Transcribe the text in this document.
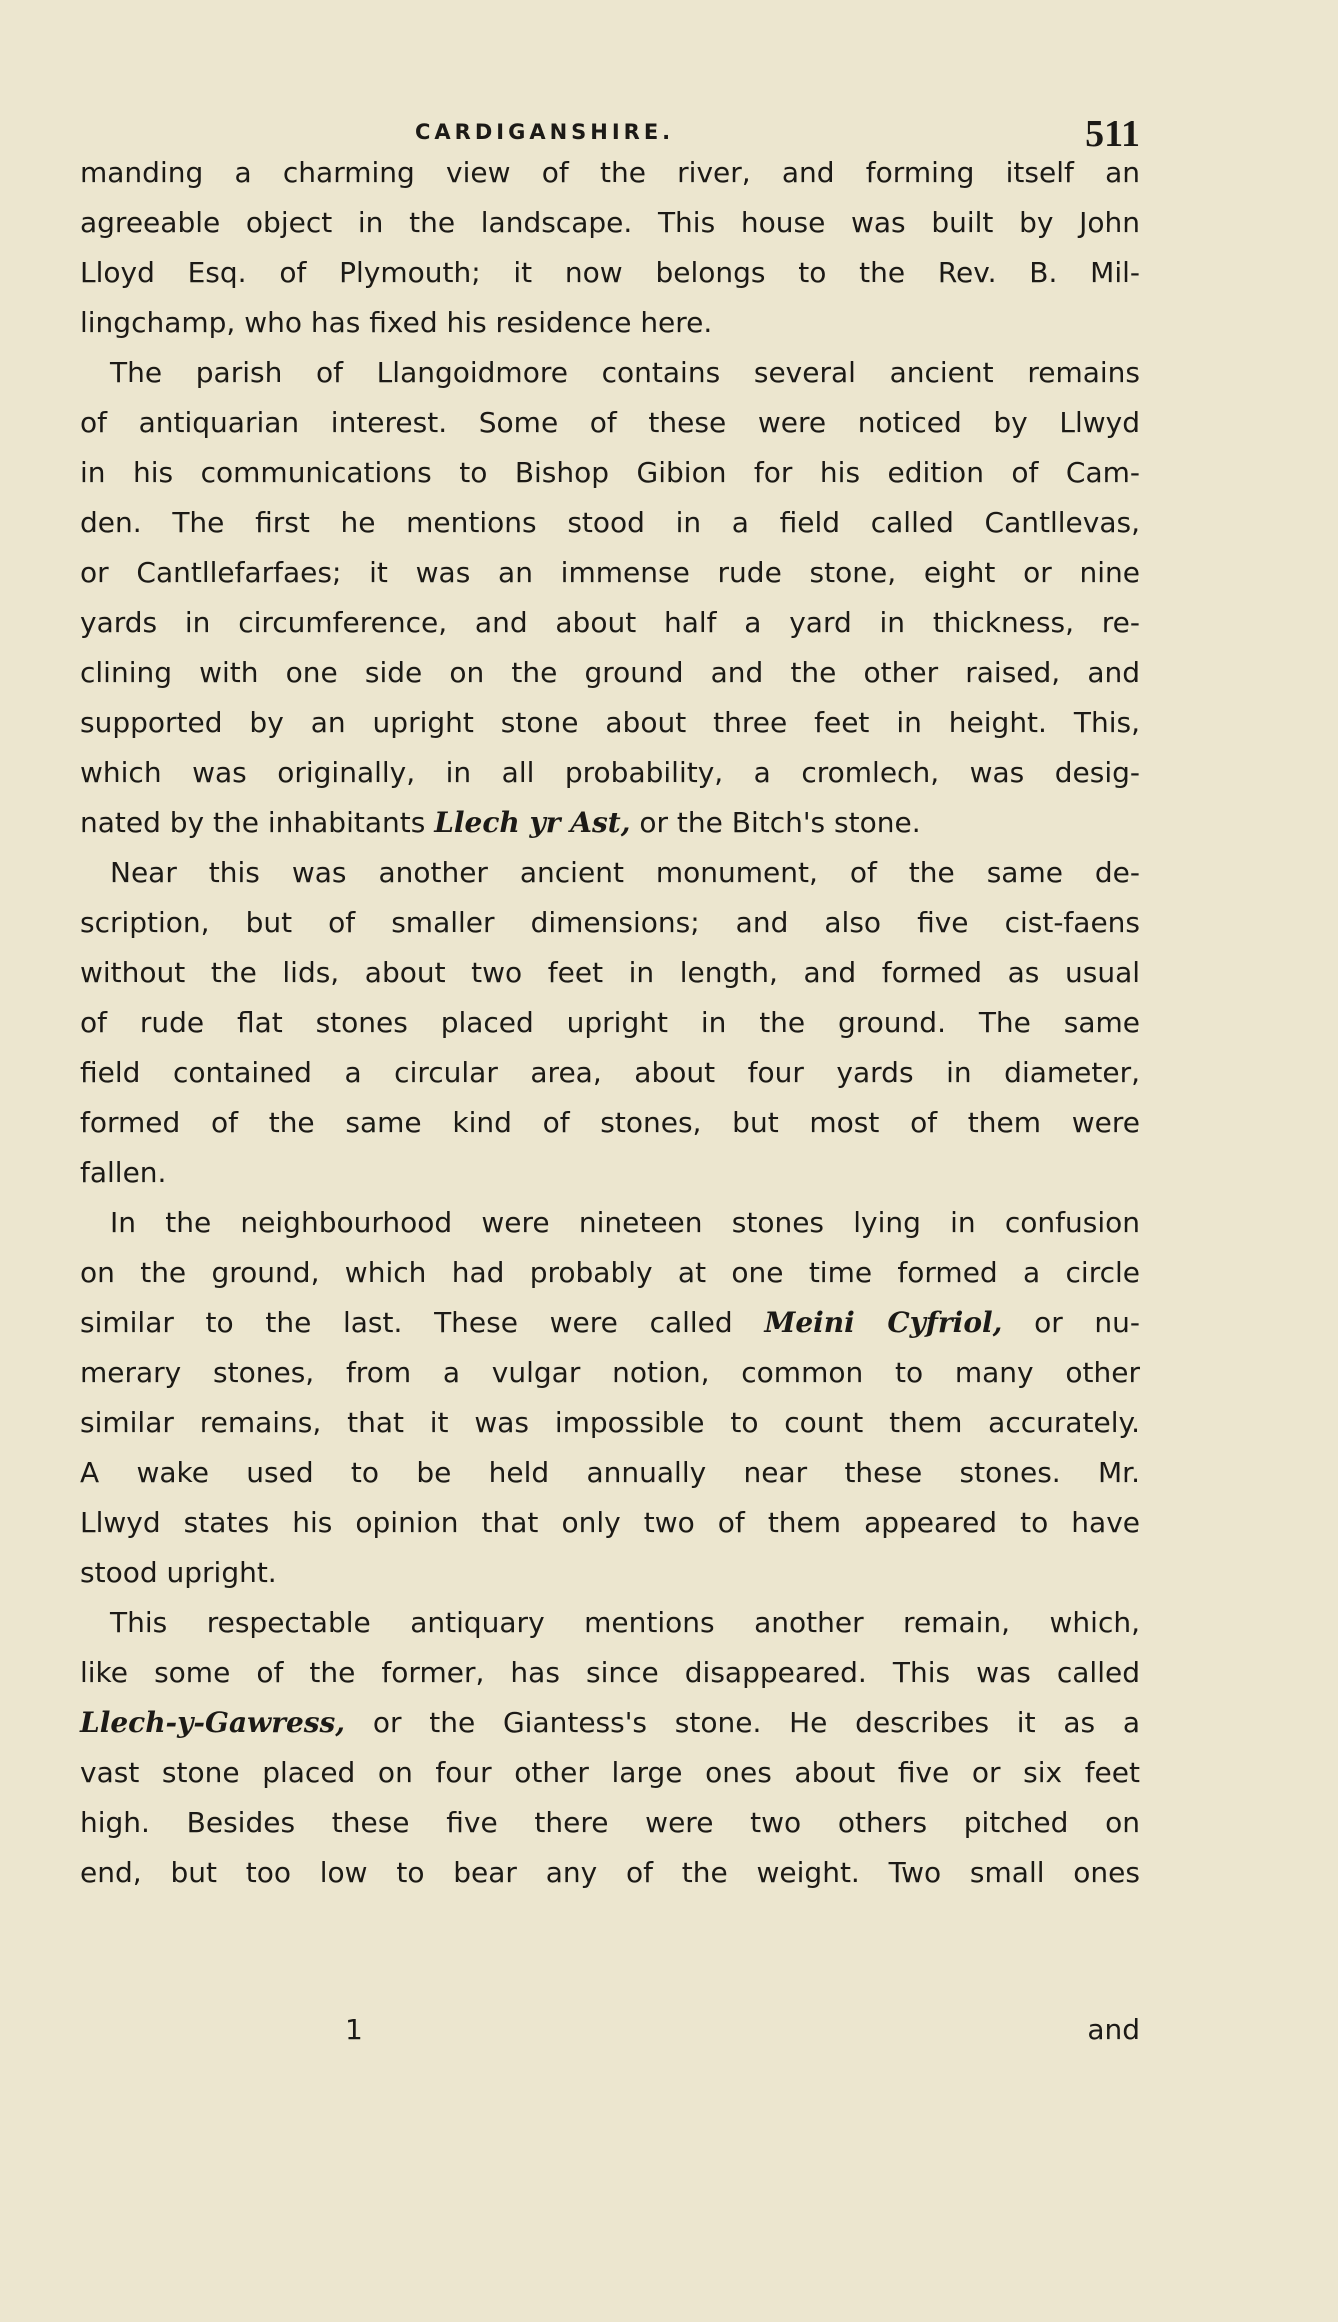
CARDIGANSHIRE.	511
manding a charming view of the river, and forming itself an
agreeable object in the landscape. This house was built by John
Lloyd Esq. of Plymouth; it now belongs to the Rev. B. Mil-
lingchamp, who has fixed his residence here.
The parish of Llangoidmore contains several ancient remains
of antiquarian interest. Some of these were noticed by Llwyd
in his communications to Bishop Gibion for his edition of Cam-
den. The first he mentions stood in a field called Cantllevas,
or Cantllefarfaes; it was an immense rude stone, eight or nine
yards in circumference, and about half a yard in thickness, re-
clining with one side on the ground and the other raised, and
supported by an upright stone about three feet in height. This,
which was originally, in all probability, a cromlech, was desig-
nated by the inhabitants Llech yr Ast, or the Bitch's stone.
Near this was another ancient monument, of the same de-
scription, but of smaller dimensions; and also five cist-faens
without the lids, about two feet in length, and formed as usual
of rude flat stones placed upright in the ground. The same
field contained a circular area, about four yards in diameter,
formed of the same kind of stones, but most of them were
fallen.
In the neighbourhood were nineteen stones lying in confusion
on the ground, which had probably at one time formed a circle
similar to the last. These were called Meini Cyfriol, or nu-
merary stones, from a vulgar notion, common to many other
similar remains, that it was impossible to count them accurately.
A wake used to be held annually near these stones. Mr.
Llwyd states his opinion that only two of them appeared to have
stood upright.
This respectable antiquary mentions another remain, which,
like some of the former, has since disappeared. This was called
Llech-y-Gawress, or the Giantess's stone. He describes it as a
vast stone placed on four other large ones about five or six feet
high. Besides these five there were two others pitched on
end, but too low to bear any of the weight. Two small ones
1	and
